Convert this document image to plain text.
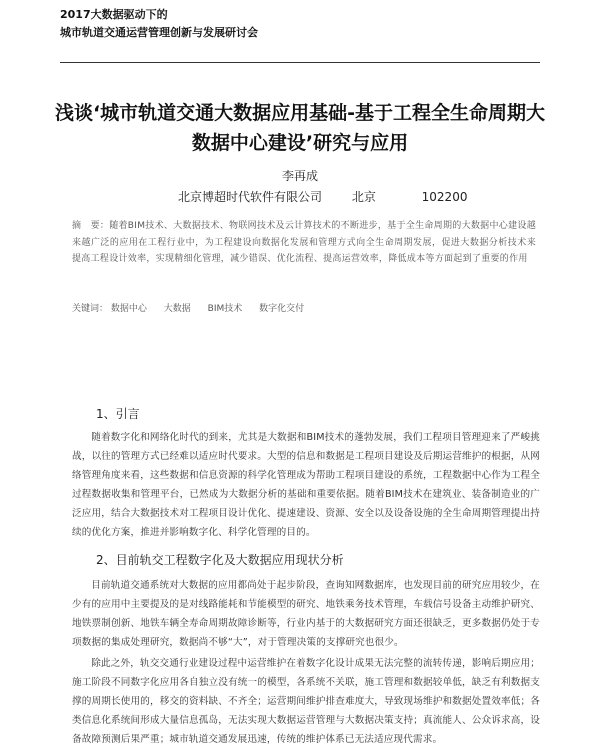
2017大数据驱动下的
城市轨道交通运营管理创新与发展研讨会
浅谈‘城市轨道交通大数据应用基础-基于工程全生命周期大数据中心建设’研究与应用
李再成
北京博超时代软件有限公司 北京	102200
摘　要：随着BIM技术、大数据技术、物联网技术及云计算技术的不断进步，基于全生命周期的大数据中心建设越来越广泛的应用在工程行业中，为工程建设向数据化发展和管理方式向全生命周期发展，促进大数据分析技术来提高工程设计效率，实现精细化管理，减少错误、优化流程、提高运营效率，降低成本等方面起到了重要的作用
关键词： 数据中心 大数据 BIM技术 数字化交付
1、引言
随着数字化和网络化时代的到来，尤其是大数据和BIM技术的蓬勃发展，我们工程项目管理迎来了严峻挑战，以往的管理方式已经难以适应时代要求。大型的信息和数据是工程项目建设及后期运营维护的根据，从网络管理角度来看，这些数据和信息资源的科学化管理成为帮助工程项目建设的系统，工程数据中心作为工程全过程数据收集和管理平台，已然成为大数据分析的基础和重要依据。随着BIM技术在建筑业、装备制造业的广泛应用，结合大数据技术对工程项目设计优化、提速建设、资源、安全以及设备设施的全生命周期管理提出持续的优化方案，推进并影响数字化、科学化管理的目的。
2、目前轨交工程数字化及大数据应用现状分析
目前轨道交通系统对大数据的应用都尚处于起步阶段，查询知网数据库，也发现目前的研究应用较少，在少有的应用中主要提及的是对线路能耗和节能模型的研究、地铁乘务技术管理，车载信号设备主动维护研究、地铁票制创新、地铁车辆全寿命周期故障诊断等，行业内基于的大数据研究方面还很缺乏，更多数据仍处于专项数据的集成处理研究，数据尚不够“大”，对于管理决策的支撑研究也很少。
除此之外，轨交交通行业建设过程中运营维护在着数字化设计成果无法完整的流转传递，影响后期应用；施工阶段不同数字化应用各自独立没有统一的模型，各系统不关联，施工管理和数据较单低，缺乏有利数据支撑的周期长使用的，移交的资料缺、不齐全；运营期间维护排查难度大，导致现场维护和数据处置效率低；各类信息化系统间形成大量信息孤岛，无法实现大数据运营管理与大数据决策支持；真流能人、公众诉求高，设备故障预测后果严重；城市轨道交通发展迅速，传统的维护体系已无法适应现代需求。
